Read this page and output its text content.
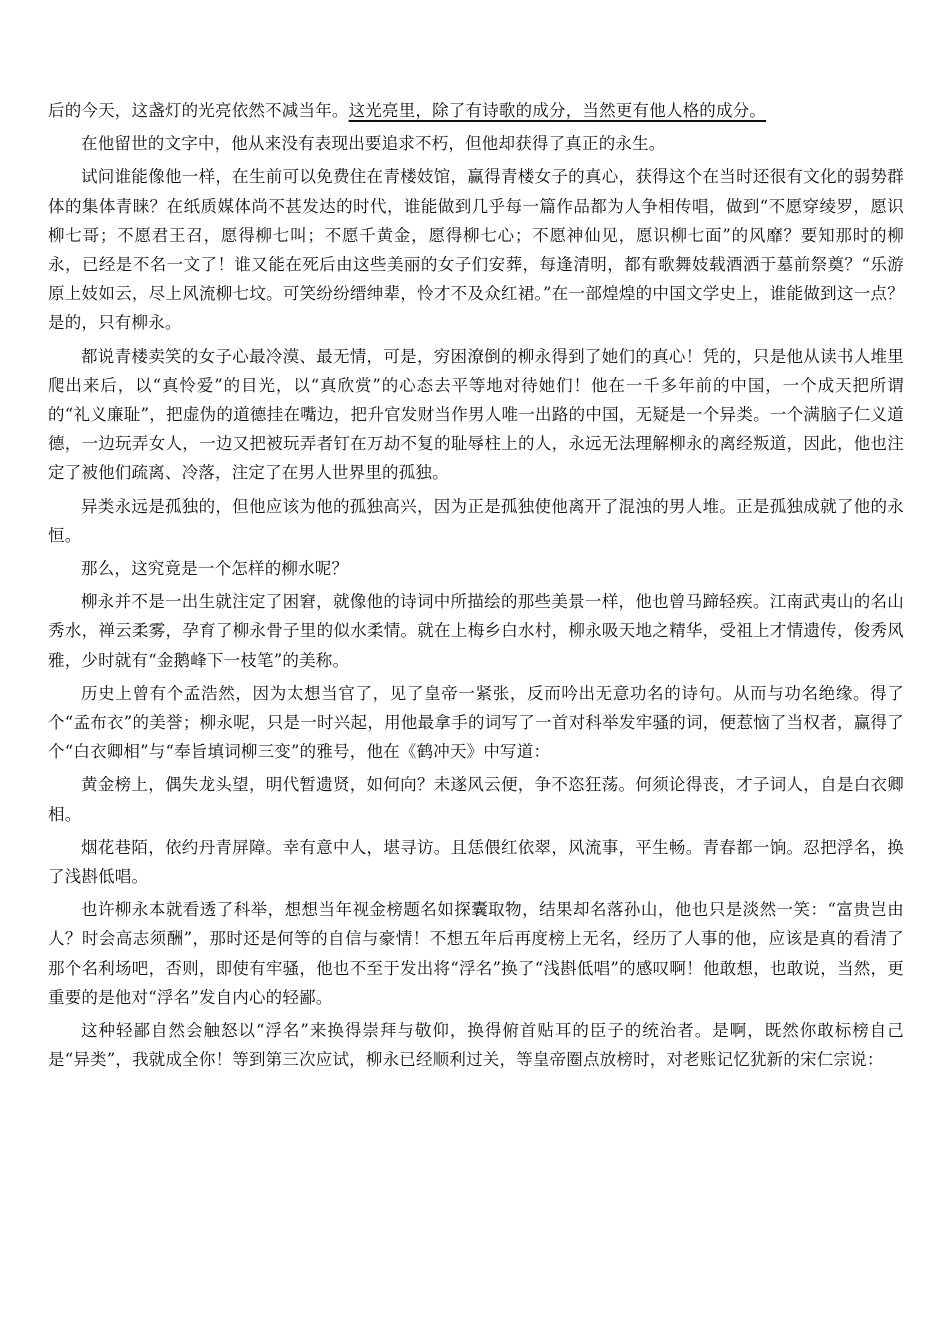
后的今天，这盏灯的光亮依然不减当年。这光亮里，除了有诗歌的成分，当然更有他人格的成分。

在他留世的文字中，他从来没有表现出要追求不朽，但他却获得了真正的永生。

试问谁能像他一样，在生前可以免费住在青楼妓馆，赢得青楼女子的真心，获得这个在当时还很有文化的弱势群体的集体青睐？在纸质媒体尚不甚发达的时代，谁能做到几乎每一篇作品都为人争相传唱，做到“不愿穿绫罗，愿识柳七哥；不愿君王召，愿得柳七叫；不愿千黄金，愿得柳七心；不愿神仙见，愿识柳七面”的风靡？要知那时的柳永，已经是不名一文了！谁又能在死后由这些美丽的女子们安葬，每逢清明，都有歌舞妓载酒洒于墓前祭奠？“乐游原上妓如云，尽上风流柳七坟。可笑纷纷缙绅辈，怜才不及众红裙。”在一部煌煌的中国文学史上，谁能做到这一点？是的，只有柳永。

都说青楼卖笑的女子心最冷漠、最无情，可是，穷困潦倒的柳永得到了她们的真心！凭的，只是他从读书人堆里爬出来后，以“真怜爱”的目光，以“真欣赏”的心态去平等地对待她们！他在一千多年前的中国，一个成天把所谓的“礼义廉耻”，把虚伪的道德挂在嘴边，把升官发财当作男人唯一出路的中国，无疑是一个异类。一个满脑子仁义道德，一边玩弄女人，一边又把被玩弄者钉在万劫不复的耻辱柱上的人，永远无法理解柳永的离经叛道，因此，他也注定了被他们疏离、冷落，注定了在男人世界里的孤独。

异类永远是孤独的，但他应该为他的孤独高兴，因为正是孤独使他离开了混浊的男人堆。正是孤独成就了他的永恒。

那么，这究竟是一个怎样的柳水呢？

柳永并不是一出生就注定了困窘，就像他的诗词中所描绘的那些美景一样，他也曾马蹄轻疾。江南武夷山的名山秀水，禅云柔雾，孕育了柳永骨子里的似水柔情。就在上梅乡白水村，柳永吸天地之精华，受祖上才情遗传，俊秀风雅，少时就有“金鹅峰下一枝笔”的美称。

历史上曾有个孟浩然，因为太想当官了，见了皇帝一紧张，反而吟出无意功名的诗句。从而与功名绝缘。得了个“孟布衣”的美誉；柳永呢，只是一时兴起，用他最拿手的词写了一首对科举发牢骚的词，便惹恼了当权者，赢得了个“白衣卿相”与“奉旨填词柳三变”的雅号，他在《鹤冲天》中写道：

黄金榜上，偶失龙头望，明代暂遗贤，如何向？未遂风云便，争不恣狂荡。何须论得丧，才子词人，自是白衣卿相。

烟花巷陌，依约丹青屏障。幸有意中人，堪寻访。且恁偎红依翠，风流事，平生畅。青春都一饷。忍把浮名，换了浅斟低唱。

也许柳永本就看透了科举，想想当年视金榜题名如探囊取物，结果却名落孙山，他也只是淡然一笑：“富贵岂由人？时会高志须酬”，那时还是何等的自信与豪情！不想五年后再度榜上无名，经历了人事的他，应该是真的看清了那个名利场吧，否则，即使有牢骚，他也不至于发出将“浮名”换了“浅斟低唱”的感叹啊！他敢想，也敢说，当然，更重要的是他对“浮名”发自内心的轻鄙。

这种轻鄙自然会触怒以“浮名”来换得崇拜与敬仰，换得俯首贴耳的臣子的统治者。是啊，既然你敢标榜自己是“异类”，我就成全你！等到第三次应试，柳永已经顺利过关，等皇帝圈点放榜时，对老账记忆犹新的宋仁宗说：
